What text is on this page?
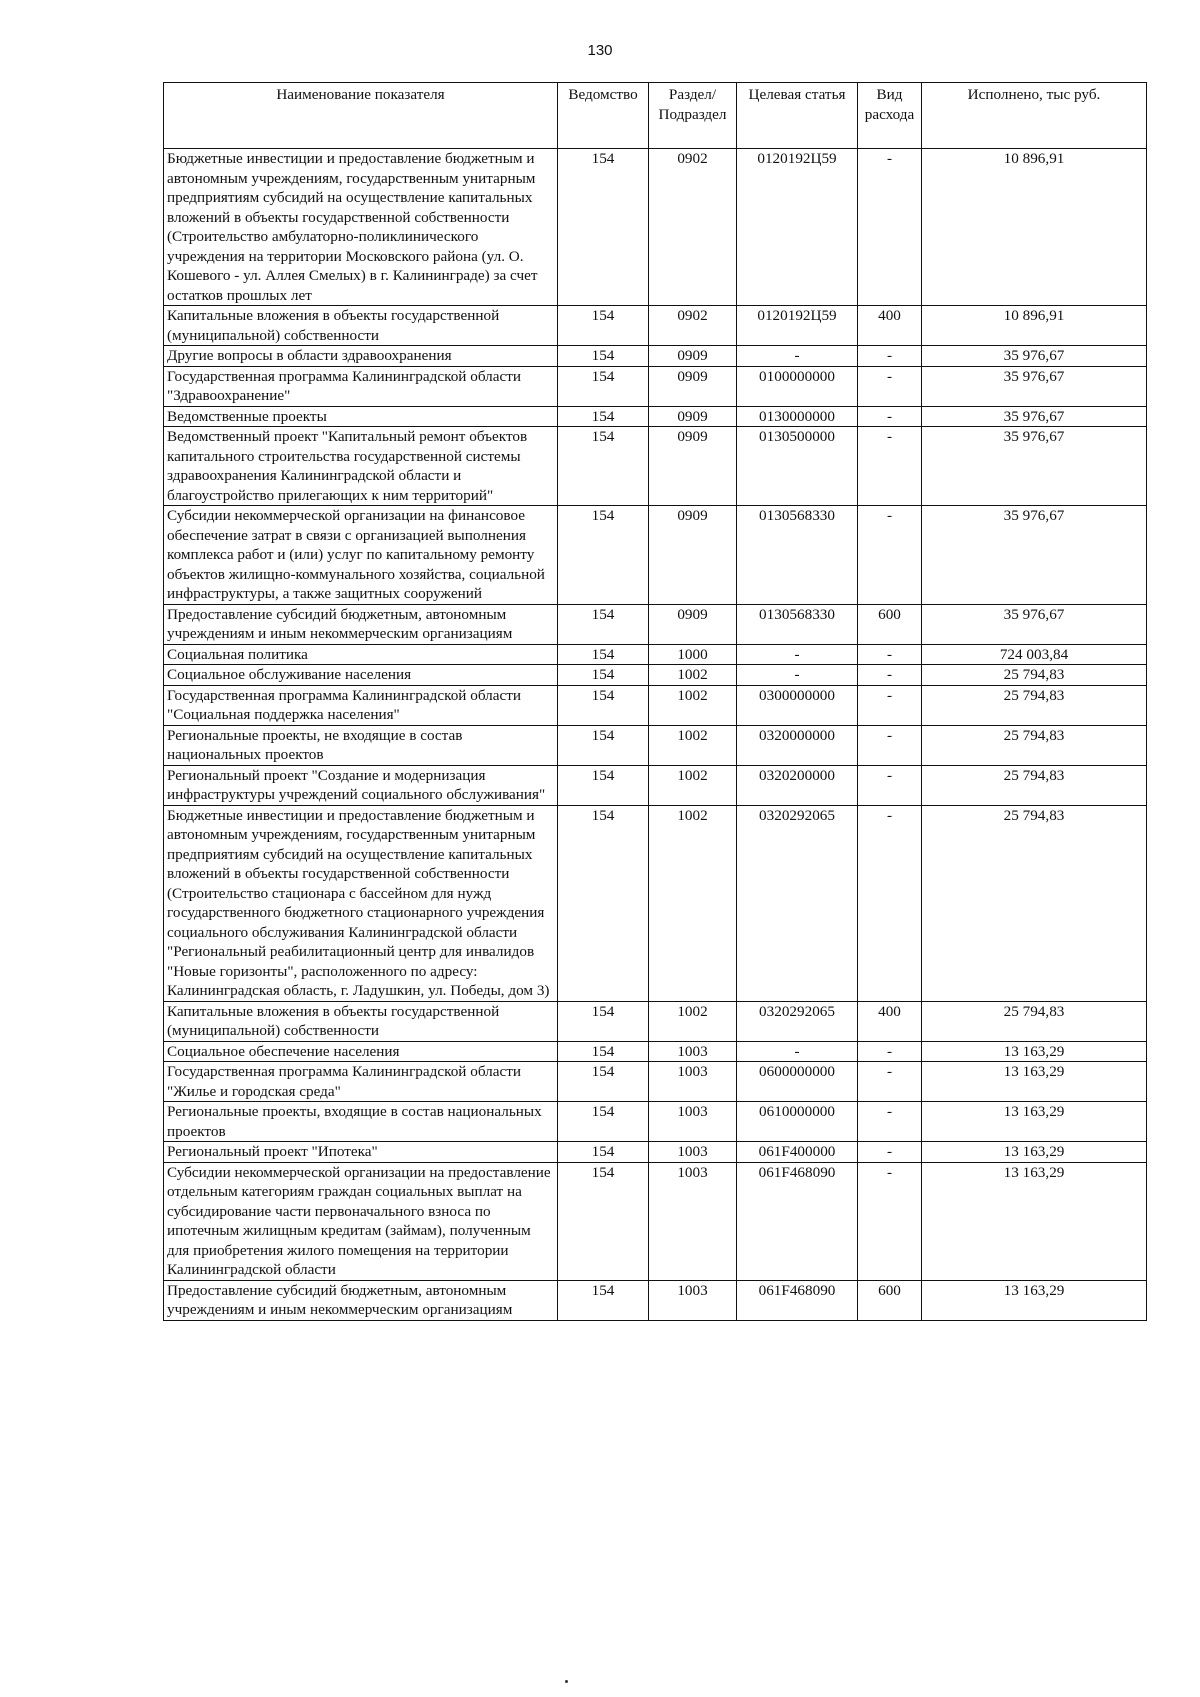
130
Наименование показателя	Ведомство	Раздел/ Подраздел	Целевая статья	Вид расхода	Исполнено, тыс руб.
Бюджетные инвестиции и предоставление бюджетным и автономным учреждениям, государственным унитарным предприятиям субсидий на осуществление капитальных вложений в объекты государственной собственности (Строительство амбулаторно-поликлинического учреждения на территории Московского района (ул. О. Кошевого - ул. Аллея Смелых) в г. Калининграде) за счет остатков прошлых лет	154	0902	0120192Ц59	-	10 896,91
Капитальные вложения в объекты государственной (муниципальной) собственности	154	0902	0120192Ц59	400	10 896,91
Другие вопросы в области здравоохранения	154	0909	-	-	35 976,67
Государственная программа Калининградской области "Здравоохранение"	154	0909	0100000000	-	35 976,67
Ведомственные проекты	154	0909	0130000000	-	35 976,67
Ведомственный проект "Капитальный ремонт объектов капитального строительства государственной системы здравоохранения Калининградской области и благоустройство прилегающих к ним территорий"	154	0909	0130500000	-	35 976,67
Субсидии некоммерческой организации на финансовое обеспечение затрат в связи с организацией выполнения комплекса работ и (или) услуг по капитальному ремонту объектов жилищно-коммунального хозяйства, социальной инфраструктуры, а также защитных сооружений	154	0909	0130568330	-	35 976,67
Предоставление субсидий бюджетным, автономным учреждениям и иным некоммерческим организациям	154	0909	0130568330	600	35 976,67
Социальная политика	154	1000	-	-	724 003,84
Социальное обслуживание населения	154	1002	-	-	25 794,83
Государственная программа Калининградской области "Социальная поддержка населения"	154	1002	0300000000	-	25 794,83
Региональные проекты, не входящие в состав национальных проектов	154	1002	0320000000	-	25 794,83
Региональный проект "Создание и модернизация инфраструктуры учреждений социального обслуживания"	154	1002	0320200000	-	25 794,83
Бюджетные инвестиции и предоставление бюджетным и автономным учреждениям, государственным унитарным предприятиям субсидий на осуществление капитальных вложений в объекты государственной собственности (Строительство стационара с бассейном для нужд государственного бюджетного стационарного учреждения социального обслуживания Калининградской области "Региональный реабилитационный центр для инвалидов "Новые горизонты", расположенного по адресу: Калининградская область, г. Ладушкин, ул. Победы, дом 3)	154	1002	0320292065	-	25 794,83
Капитальные вложения в объекты государственной (муниципальной) собственности	154	1002	0320292065	400	25 794,83
Социальное обеспечение населения	154	1003	-	-	13 163,29
Государственная программа Калининградской области "Жилье и городская среда"	154	1003	0600000000	-	13 163,29
Региональные проекты, входящие в состав национальных проектов	154	1003	0610000000	-	13 163,29
Региональный проект "Ипотека"	154	1003	061F400000	-	13 163,29
Субсидии некоммерческой организации на предоставление отдельным категориям граждан социальных выплат на субсидирование части первоначального взноса по ипотечным жилищным кредитам (займам), полученным для приобретения жилого помещения на территории Калининградской области	154	1003	061F468090	-	13 163,29
Предоставление субсидий бюджетным, автономным учреждениям и иным некоммерческим организациям	154	1003	061F468090	600	13 163,29
